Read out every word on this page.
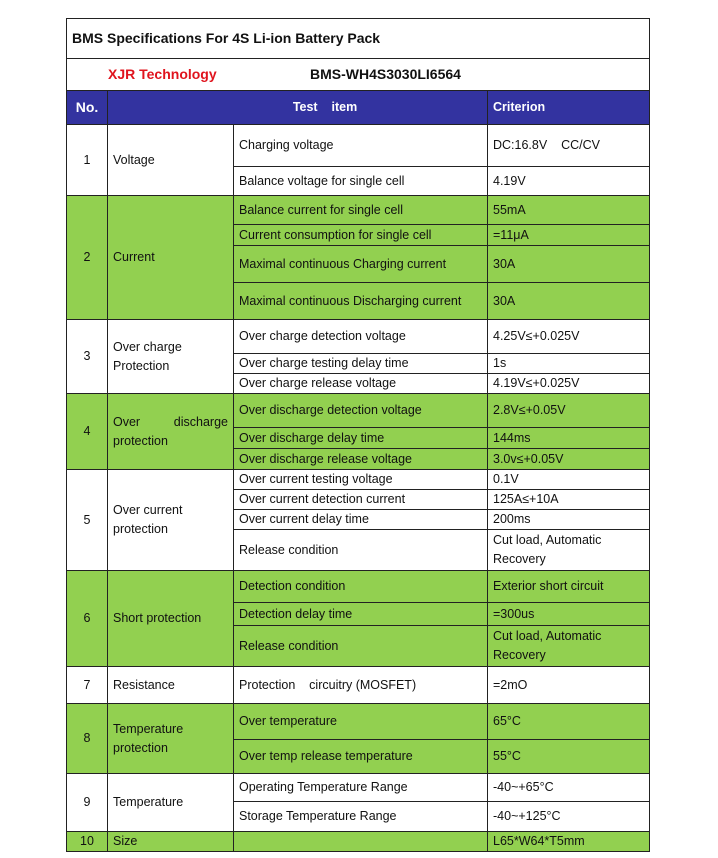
BMS Specifications For 4S Li-ion Battery Pack			
XJR Technology BMS-WH4S3030LI6564			
No.	Test    item		Criterion
1	Voltage	Charging voltage	DC:16.8V    CC/CV
		Balance voltage for single cell	4.19V
2	Current	Balance current for single cell	55mA
		Current consumption for single cell	=11μA
		Maximal continuous Charging current	30A
		Maximal continuous Discharging current	30A
3	Over charge Protection	Over charge detection voltage	4.25V≤+0.025V
		Over charge testing delay time	1s
		Over charge release voltage	4.19V≤+0.025V
4	Over discharge protection	Over discharge detection voltage	2.8V≤+0.05V
		Over discharge delay time	144ms
		Over discharge release voltage	3.0v≤+0.05V
5	Over current protection	Over current testing voltage	0.1V
		Over current detection current	125A≤+10A
		Over current delay time	200ms
		Release condition	Cut load, Automatic Recovery
6	Short protection	Detection condition	Exterior short circuit
		Detection delay time	=300us
		Release condition	Cut load, Automatic Recovery
7	Resistance	Protection    circuitry (MOSFET)	=2mO
8	Temperature protection	Over temperature	65°C
		Over temp release temperature	55°C
9	Temperature	Operating Temperature Range	-40~+65°C
		Storage Temperature Range	-40~+125°C
10	Size		L65*W64*T5mm
